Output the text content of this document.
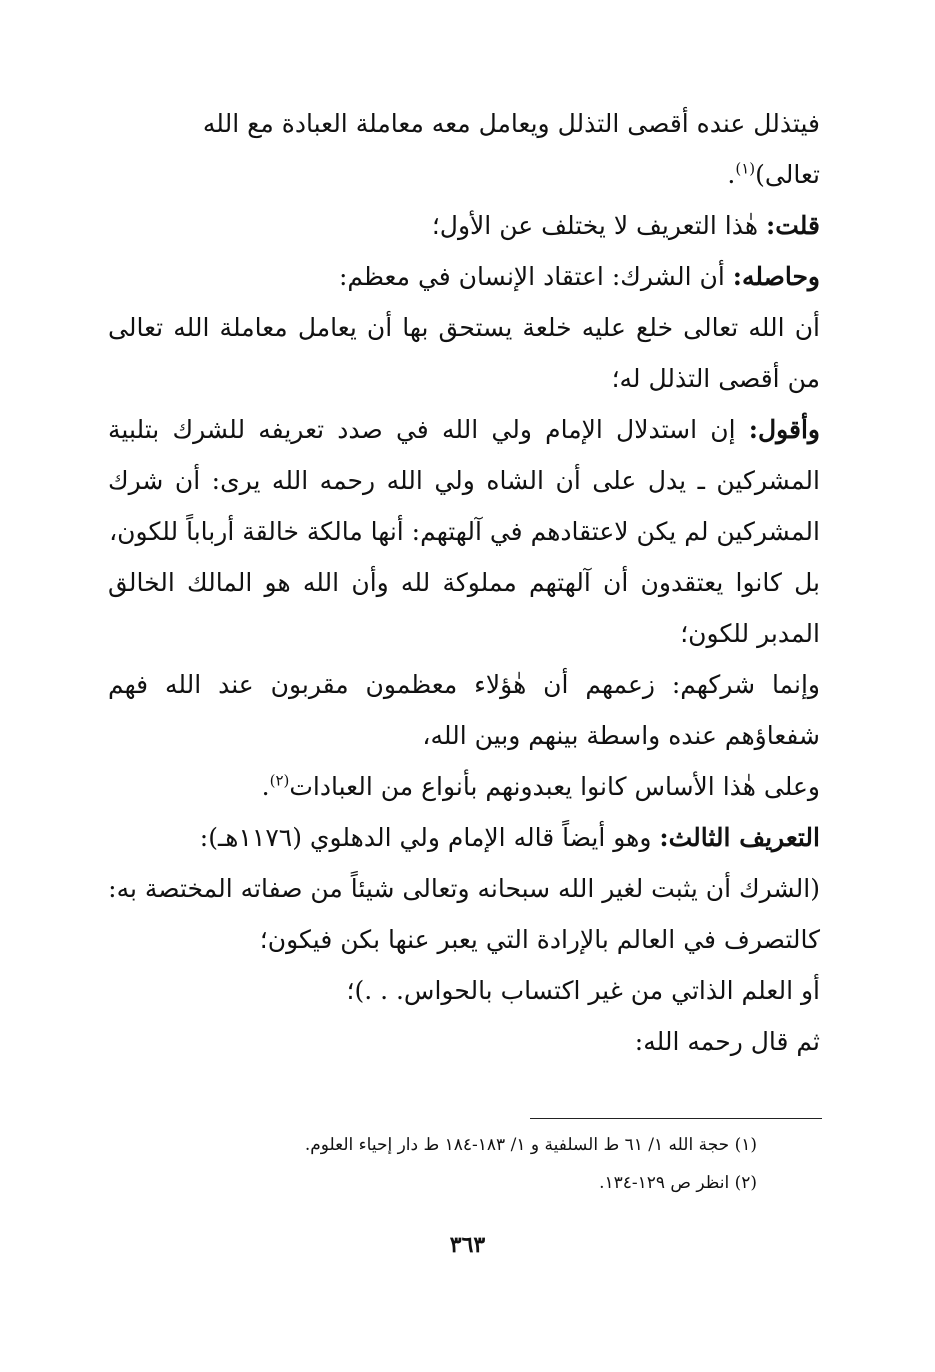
فيتذلل عنده أقصى التذلل ويعامل معه معاملة العبادة مع الله
تعالى)$^{(١)}$.

قلت: هٰذا التعريف لا يختلف عن الأول؛

وحاصله: أن الشرك: اعتقاد الإنسان في معظم:

أن الله تعالى خلع عليه خلعة يستحق بها أن يعامل معاملة الله تعالى من أقصى التذلل له؛

وأقول: إن استدلال الإمام ولي الله في صدد تعريفه للشرك بتلبية المشركين ـ يدل على أن الشاه ولي الله رحمه الله يرى: أن شرك المشركين لم يكن لاعتقادهم في آلهتهم: أنها مالكة خالقة أرباباً للكون،

بل كانوا يعتقدون أن آلهتهم مملوكة لله وأن الله هو المالك الخالق المدبر للكون؛

وإنما شركهم: زعمهم أن هٰؤلاء معظمون مقربون عند الله فهم شفعاؤهم عنده واسطة بينهم وبين الله،

وعلى هٰذا الأساس كانوا يعبدونهم بأنواع من العبادات$^{(٢)}$.

التعريف الثالث: وهو أيضاً قاله الإمام ولي الدهلوي (١١٧٦هـ):

(الشرك أن يثبت لغير الله سبحانه وتعالى شيئاً من صفاته المختصة به:

كالتصرف في العالم بالإرادة التي يعبر عنها بكن فيكون؛

أو العلم الذاتي من غير اكتساب بالحواس. . .)؛

ثم قال رحمه الله:

(١) حجة الله ١/ ٦١ ط السلفية و ١/ ١٨٣-١٨٤ ط دار إحياء العلوم.

(٢) انظر ص ١٢٩-١٣٤.

٣٦٣
